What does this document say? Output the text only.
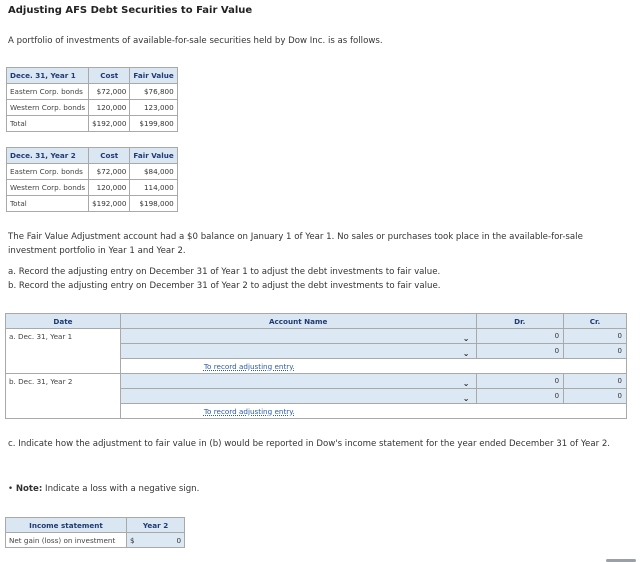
Adjusting AFS Debt Securities to Fair Value
A portfolio of investments of available-for-sale securities held by Dow Inc. is as follows.
Dece. 31, Year 1	Cost	Fair Value
Eastern Corp. bonds	$72,000	$76,800
Western Corp. bonds	120,000	123,000
Total	$192,000	$199,800
Dece. 31, Year 2	Cost	Fair Value
Eastern Corp. bonds	$72,000	$84,000
Western Corp. bonds	120,000	114,000
Total	$192,000	$198,000
The Fair Value Adjustment account had a $0 balance on January 1 of Year 1. No sales or purchases took place in the available-for-sale investment portfolio in Year 1 and Year 2.
a. Record the adjusting entry on December 31 of Year 1 to adjust the debt investments to fair value.
b. Record the adjusting entry on December 31 of Year 2 to adjust the debt investments to fair value.
Date	Account Name	Dr.	Cr.
a. Dec. 31, Year 1	⌄	0	0

	⌄	0	0
	To record adjusting entry.		
b. Dec. 31, Year 2	⌄	0	0

	⌄	0	0
	To record adjusting entry.		
c. Indicate how the adjustment to fair value in (b) would be reported in Dow's income statement for the year ended December 31 of Year 2.
• Note: Indicate a loss with a negative sign.
Income statement	Year 2	
Net gain (loss) on investment	$	0
